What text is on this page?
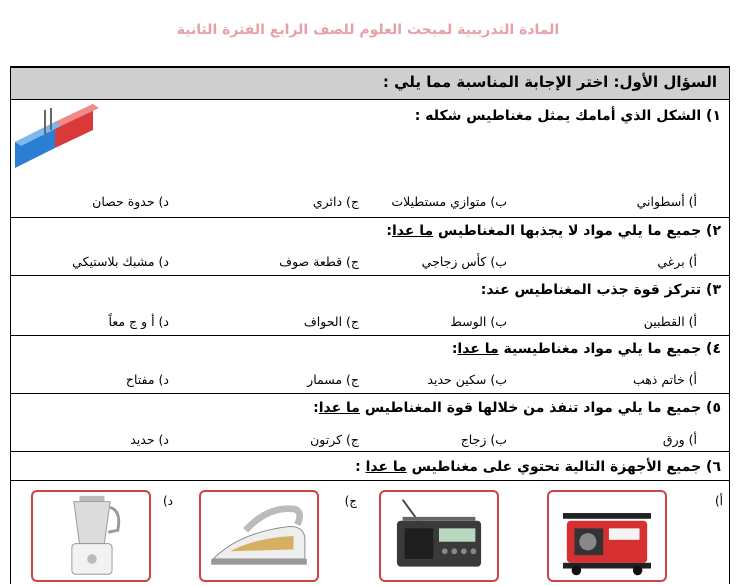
المادة التدريبية لمبحث العلوم للصف الرابع الفترة الثانية
السؤال الأول: اختر الإجابة المناسبة مما يلي :
١) الشكل الذي أمامك يمثل مغناطيس شكله :
أ) أسطواني
ب) متوازي مستطيلات
ج) دائري
د) حدوة حصان
٢) جميع ما يلي مواد لا يجذبها المغناطيس ما عدا:
أ) برغي
ب) كأس زجاجي
ج) قطعة صوف
د) مشبك بلاستيكي
٣) تتركز قوة جذب المغناطيس عند:
أ) القطبين
ب) الوسط
ج) الحواف
د) أ و ج معاً
٤) جميع ما يلي مواد مغناطيسية ما عدا:
أ) خاتم ذهب
ب) سكين حديد
ج) مسمار
د) مفتاح
٥) جميع ما يلي مواد تنفذ من خلالها قوة المغناطيس ما عدا:
أ) ورق
ب) زجاج
ج) كرتون
د) حديد
٦) جميع الأجهزة التالية تحتوي على مغناطيس ما عدا :
أ)
ج)
د)
